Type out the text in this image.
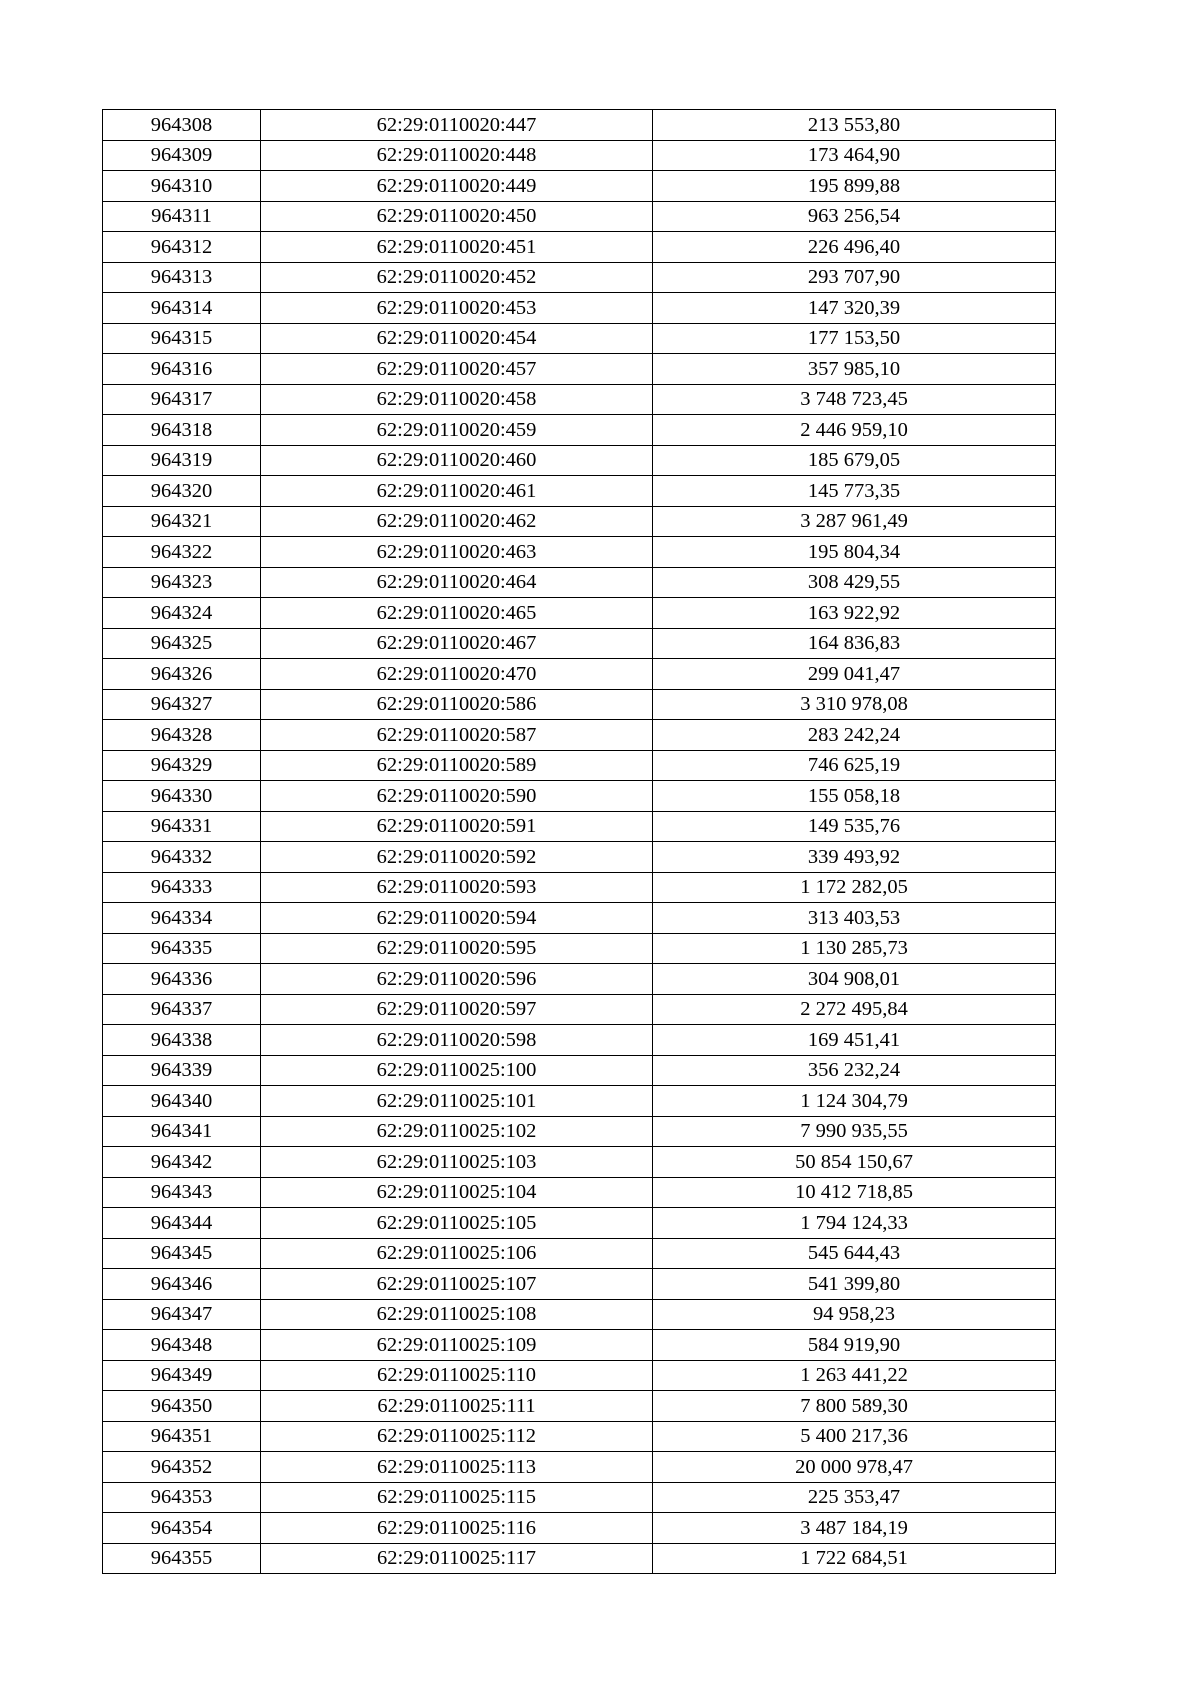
964308	62:29:0110020:447	213 553,80
964309	62:29:0110020:448	173 464,90
964310	62:29:0110020:449	195 899,88
964311	62:29:0110020:450	963 256,54
964312	62:29:0110020:451	226 496,40
964313	62:29:0110020:452	293 707,90
964314	62:29:0110020:453	147 320,39
964315	62:29:0110020:454	177 153,50
964316	62:29:0110020:457	357 985,10
964317	62:29:0110020:458	3 748 723,45
964318	62:29:0110020:459	2 446 959,10
964319	62:29:0110020:460	185 679,05
964320	62:29:0110020:461	145 773,35
964321	62:29:0110020:462	3 287 961,49
964322	62:29:0110020:463	195 804,34
964323	62:29:0110020:464	308 429,55
964324	62:29:0110020:465	163 922,92
964325	62:29:0110020:467	164 836,83
964326	62:29:0110020:470	299 041,47
964327	62:29:0110020:586	3 310 978,08
964328	62:29:0110020:587	283 242,24
964329	62:29:0110020:589	746 625,19
964330	62:29:0110020:590	155 058,18
964331	62:29:0110020:591	149 535,76
964332	62:29:0110020:592	339 493,92
964333	62:29:0110020:593	1 172 282,05
964334	62:29:0110020:594	313 403,53
964335	62:29:0110020:595	1 130 285,73
964336	62:29:0110020:596	304 908,01
964337	62:29:0110020:597	2 272 495,84
964338	62:29:0110020:598	169 451,41
964339	62:29:0110025:100	356 232,24
964340	62:29:0110025:101	1 124 304,79
964341	62:29:0110025:102	7 990 935,55
964342	62:29:0110025:103	50 854 150,67
964343	62:29:0110025:104	10 412 718,85
964344	62:29:0110025:105	1 794 124,33
964345	62:29:0110025:106	545 644,43
964346	62:29:0110025:107	541 399,80
964347	62:29:0110025:108	94 958,23
964348	62:29:0110025:109	584 919,90
964349	62:29:0110025:110	1 263 441,22
964350	62:29:0110025:111	7 800 589,30
964351	62:29:0110025:112	5 400 217,36
964352	62:29:0110025:113	20 000 978,47
964353	62:29:0110025:115	225 353,47
964354	62:29:0110025:116	3 487 184,19
964355	62:29:0110025:117	1 722 684,51
